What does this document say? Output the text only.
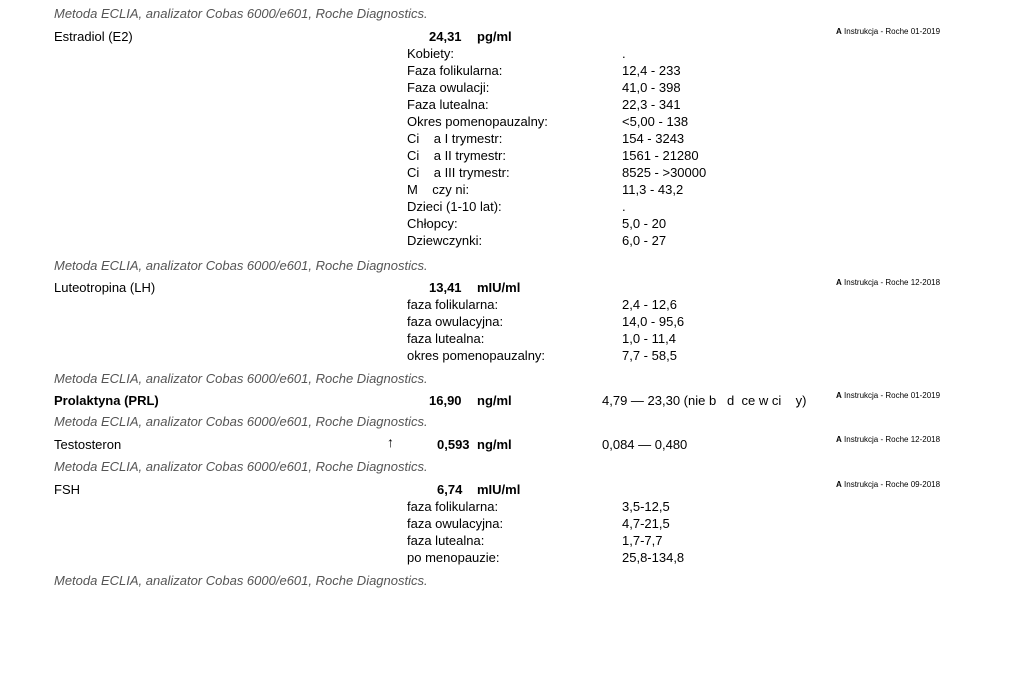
Metoda ECLIA, analizator Cobas 6000/e601, Roche Diagnostics.
Estradiol (E2)	24,31 pg/ml	A Instrukcja - Roche 01-2019
Kobiety:	.
Faza folikularna:	12,4 - 233
Faza owulacji:	41,0 - 398
Faza lutealna:	22,3 - 341
Okres pomenopauzalny:	<5,00 - 138
Ci    a I trymestr:	154 - 3243
Ci    a II trymestr:	1561 - 21280
Ci    a III trymestr:	8525 - >30000
M    czy ni:	11,3 - 43,2
Dzieci (1-10 lat):	.
Chłopcy:	5,0 - 20
Dziewczynki:	6,0 - 27
Metoda ECLIA, analizator Cobas 6000/e601, Roche Diagnostics.
Luteotropina (LH)	13,41 mIU/ml	A Instrukcja - Roche 12-2018
faza folikularna:	2,4 - 12,6
faza owulacyjna:	14,0 - 95,6
faza lutealna:	1,0 - 11,4
okres pomenopauzalny:	7,7 - 58,5
Metoda ECLIA, analizator Cobas 6000/e601, Roche Diagnostics.
Prolaktyna (PRL)	16,90 ng/ml	4,79 — 23,30 (nie b   d  ce w ci    y)	A Instrukcja - Roche 01-2019
Metoda ECLIA, analizator Cobas 6000/e601, Roche Diagnostics.
Testosteron	↑	0,593 ng/ml	0,084 — 0,480	A Instrukcja - Roche 12-2018
Metoda ECLIA, analizator Cobas 6000/e601, Roche Diagnostics.
FSH	6,74 mIU/ml	A Instrukcja - Roche 09-2018
faza folikularna:	3,5-12,5
faza owulacyjna:	4,7-21,5
faza lutealna:	1,7-7,7
po menopauzie:	25,8-134,8
Metoda ECLIA, analizator Cobas 6000/e601, Roche Diagnostics.
